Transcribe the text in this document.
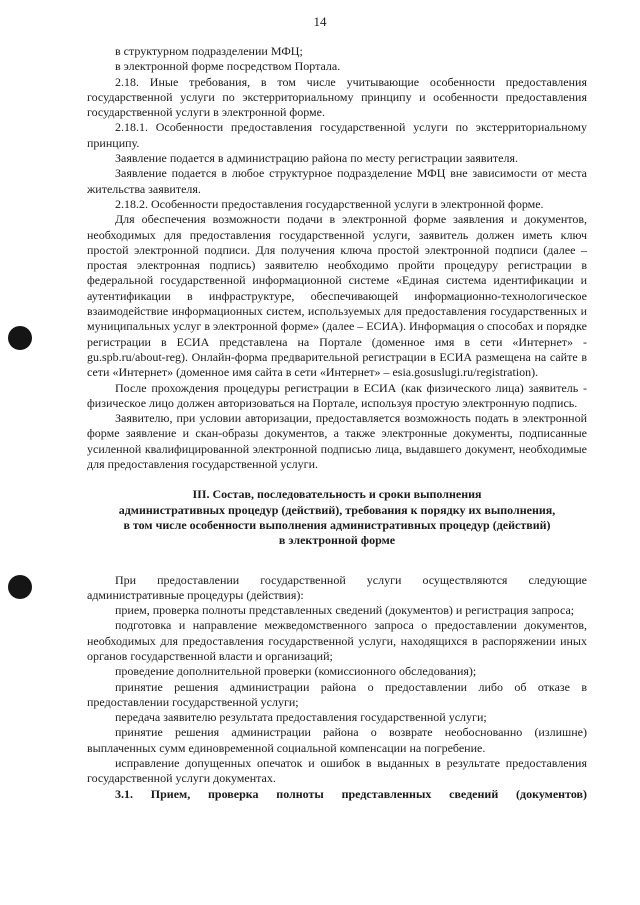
14

в структурном подразделении МФЦ;

в электронной форме посредством Портала.

2.18. Иные требования, в том числе учитывающие особенности предоставления государственной услуги по экстерриториальному принципу и особенности предоставления государственной услуги в электронной форме.

2.18.1. Особенности предоставления государственной услуги по экстерриториальному принципу.

Заявление подается в администрацию района по месту регистрации заявителя.

Заявление подается в любое структурное подразделение МФЦ вне зависимости от места жительства заявителя.

2.18.2. Особенности предоставления государственной услуги в электронной форме.

Для обеспечения возможности подачи в электронной форме заявления и документов, необходимых для предоставления государственной услуги, заявитель должен иметь ключ простой электронной подписи. Для получения ключа простой электронной подписи (далее – простая электронная подпись) заявителю необходимо пройти процедуру регистрации в федеральной государственной информационной системе «Единая система идентификации и аутентификации в инфраструктуре, обеспечивающей информационно-технологическое взаимодействие информационных систем, используемых для предоставления государственных и муниципальных услуг в электронной форме» (далее – ЕСИА). Информация о способах и порядке регистрации в ЕСИА представлена на Портале (доменное имя в сети «Интернет» - gu.spb.ru/about-reg). Онлайн-форма предварительной регистрации в ЕСИА размещена на сайте в сети «Интернет» (доменное имя сайта в сети «Интернет» – esia.gosuslugi.ru/registration).

После прохождения процедуры регистрации в ЕСИА (как физического лица) заявитель - физическое лицо должен авторизоваться на Портале, используя простую электронную подпись.

Заявителю, при условии авторизации, предоставляется возможность подать в электронной форме заявление и скан-образы документов, а также электронные документы, подписанные усиленной квалифицированной электронной подписью лица, выдавшего документ, необходимые для предоставления государственной услуги.

III. Состав, последовательность и сроки выполнения
административных процедур (действий), требования к порядку их выполнения,
в том числе особенности выполнения административных процедур (действий)
в электронной форме

При предоставлении государственной услуги осуществляются следующие административные процедуры (действия):

прием, проверка полноты представленных сведений (документов) и регистрация запроса;

подготовка и направление межведомственного запроса о предоставлении документов, необходимых для предоставления государственной услуги, находящихся в распоряжении иных органов государственной власти и организаций;

проведение дополнительной проверки (комиссионного обследования);

принятие решения администрации района о предоставлении либо об отказе в предоставлении государственной услуги;

передача заявителю результата предоставления государственной услуги;

принятие решения администрации района о возврате необоснованно (излишне) выплаченных сумм единовременной социальной компенсации на погребение.

исправление допущенных опечаток и ошибок в выданных в результате предоставления государственной услуги документах.

3.1. Прием, проверка полноты представленных сведений (документов)
